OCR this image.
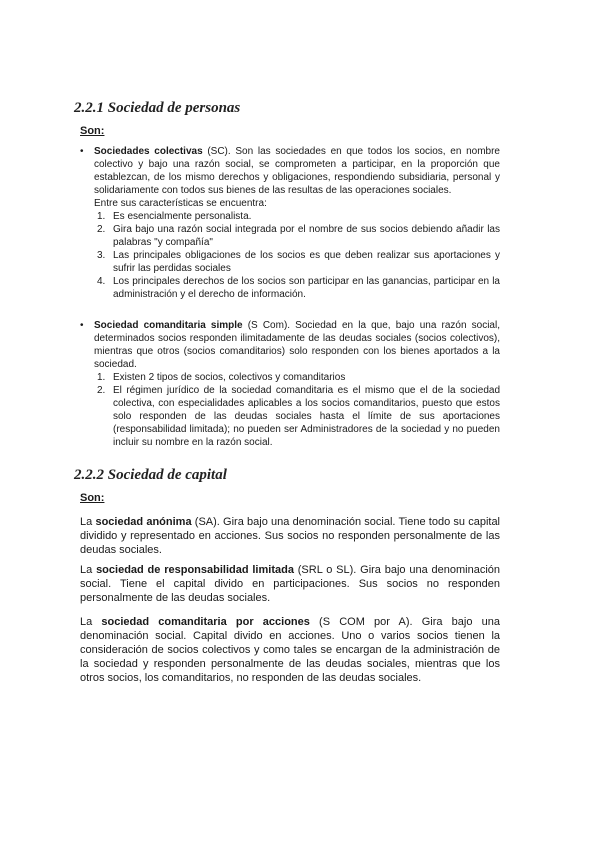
2.2.1 Sociedad de personas

Son:

• Sociedades colectivas (SC). Son las sociedades en que todos los socios, en nombre colectivo y bajo una razón social, se comprometen a participar, en la proporción que establezcan, de los mismo derechos y obligaciones, respondiendo subsidiaria, personal y solidariamente con todos sus bienes de las resultas de las operaciones sociales.

Entre sus características se encuentra:

1. Es esencialmente personalista.
2. Gira bajo una razón social integrada por el nombre de sus socios debiendo añadir las palabras "y compañía"
3. Las principales obligaciones de los socios es que deben realizar sus aportaciones y sufrir las perdidas sociales
4. Los principales derechos de los socios son participar en las ganancias, participar en la administración y el derecho de información.
• Sociedad comanditaria simple (S Com). Sociedad en la que, bajo una razón social, determinados socios responden ilimitadamente de las deudas sociales (socios colectivos), mientras que otros (socios comanditarios) solo responden con los bienes aportados a la sociedad.

1. Existen 2 tipos de socios, colectivos y comanditarios
2. El régimen jurídico de la sociedad comanditaria es el mismo que el de la sociedad colectiva, con especialidades aplicables a los socios comanditarios, puesto que estos solo responden de las deudas sociales hasta el límite de sus aportaciones (responsabilidad limitada); no pueden ser Administradores de la sociedad y no pueden incluir su nombre en la razón social.
2.2.2 Sociedad de capital

Son:

La sociedad anónima (SA). Gira bajo una denominación social. Tiene todo su capital dividido y representado en acciones. Sus socios no responden personalmente de las deudas sociales.

La sociedad de responsabilidad limitada (SRL o SL). Gira bajo una denominación social. Tiene el capital divido en participaciones. Sus socios no responden personalmente de las deudas sociales.

La sociedad comanditaria por acciones (S COM por A). Gira bajo una denominación social. Capital divido en acciones. Uno o varios socios tienen la consideración de socios colectivos y como tales se encargan de la administración de la sociedad y responden personalmente de las deudas sociales, mientras que los otros socios, los comanditarios, no responden de las deudas sociales.
